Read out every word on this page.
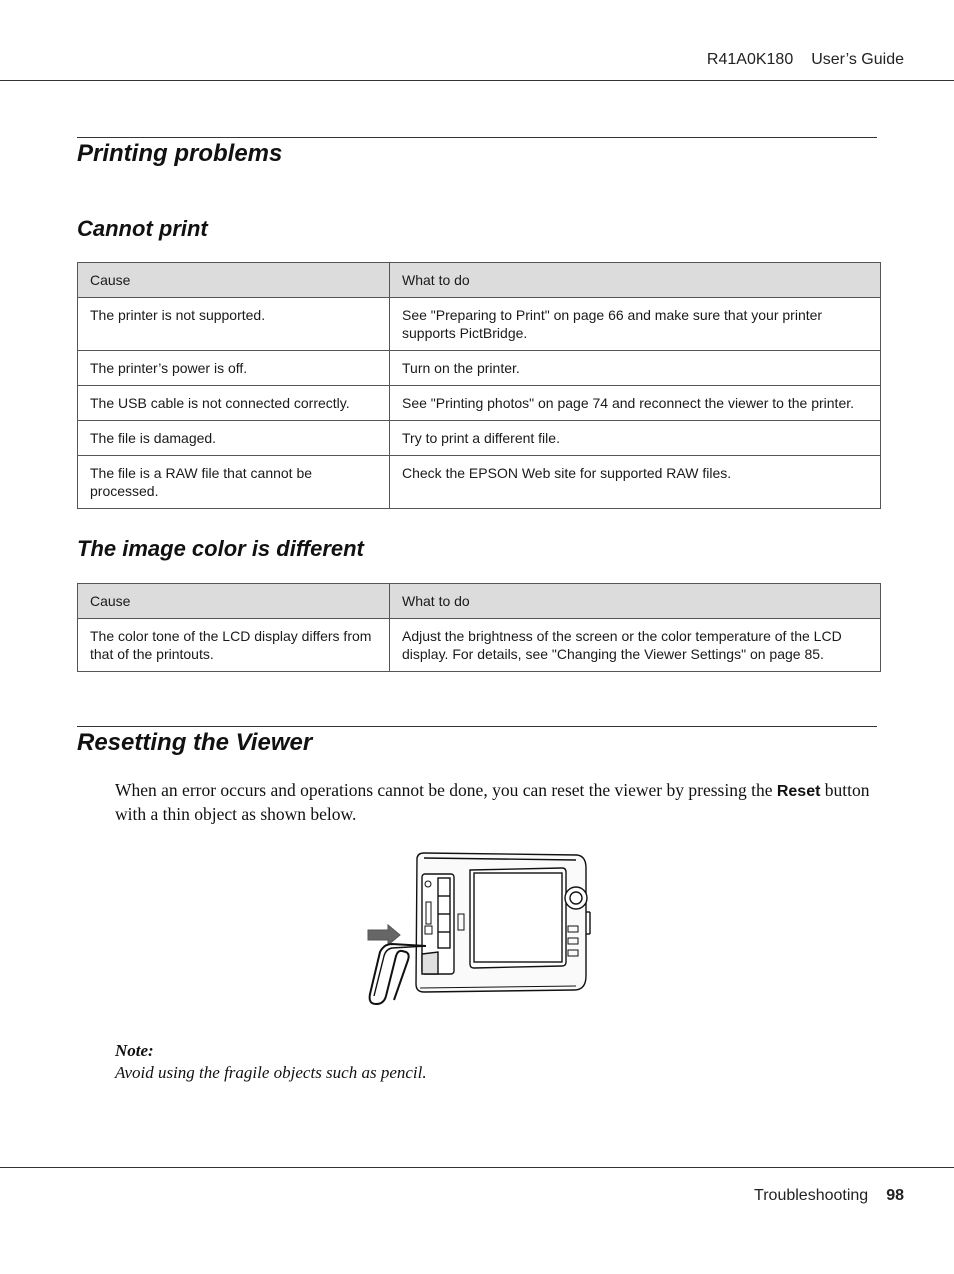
R41A0K180 User’s Guide
Printing problems
Cannot print
Cause	What to do
The printer is not supported.	See "Preparing to Print" on page 66 and make sure that your printer supports PictBridge.
The printer’s power is off.	Turn on the printer.
The USB cable is not connected correctly.	See "Printing photos" on page 74 and reconnect the viewer to the printer.
The file is damaged.	Try to print a different file.
The file is a RAW file that cannot be processed.	Check the EPSON Web site for supported RAW files.
The image color is different
Cause	What to do
The color tone of the LCD display differs from that of the printouts.	Adjust the brightness of the screen or the color temperature of the LCD display. For details, see "Changing the Viewer Settings" on page 85.
Resetting the Viewer
When an error occurs and operations cannot be done, you can reset the viewer by pressing the Reset button with a thin object as shown below.
Note:
Avoid using the fragile objects such as pencil.
Troubleshooting 98
